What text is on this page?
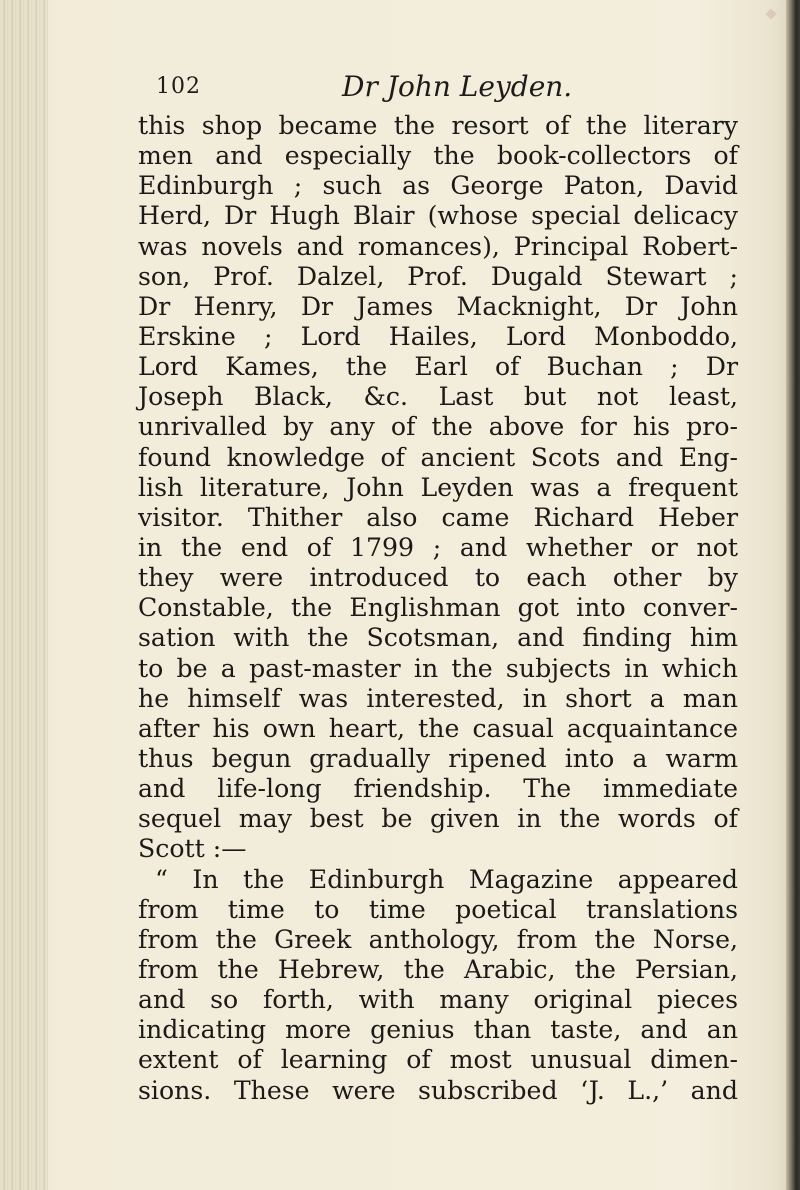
102	Dr John Leyden.
this shop became the resort of the literary
men and especially the book-collectors of
Edinburgh ; such as George Paton, David
Herd, Dr Hugh Blair (whose special delicacy
was novels and romances), Principal Robert-
son, Prof. Dalzel, Prof. Dugald Stewart ;
Dr Henry, Dr James Macknight, Dr John
Erskine ; Lord Hailes, Lord Monboddo,
Lord Kames, the Earl of Buchan ; Dr
Joseph Black, &c. Last but not least,
unrivalled by any of the above for his pro-
found knowledge of ancient Scots and Eng-
lish literature, John Leyden was a frequent
visitor. Thither also came Richard Heber
in the end of 1799 ; and whether or not
they were introduced to each other by
Constable, the Englishman got into conver-
sation with the Scotsman, and finding him
to be a past-master in the subjects in which
he himself was interested, in short a man
after his own heart, the casual acquaintance
thus begun gradually ripened into a warm
and life-long friendship. The immediate
sequel may best be given in the words of
Scott :—
“ In the Edinburgh Magazine appeared
from time to time poetical translations
from the Greek anthology, from the Norse,
from the Hebrew, the Arabic, the Persian,
and so forth, with many original pieces
indicating more genius than taste, and an
extent of learning of most unusual dimen-
sions. These were subscribed ‘J. L.,’ and
